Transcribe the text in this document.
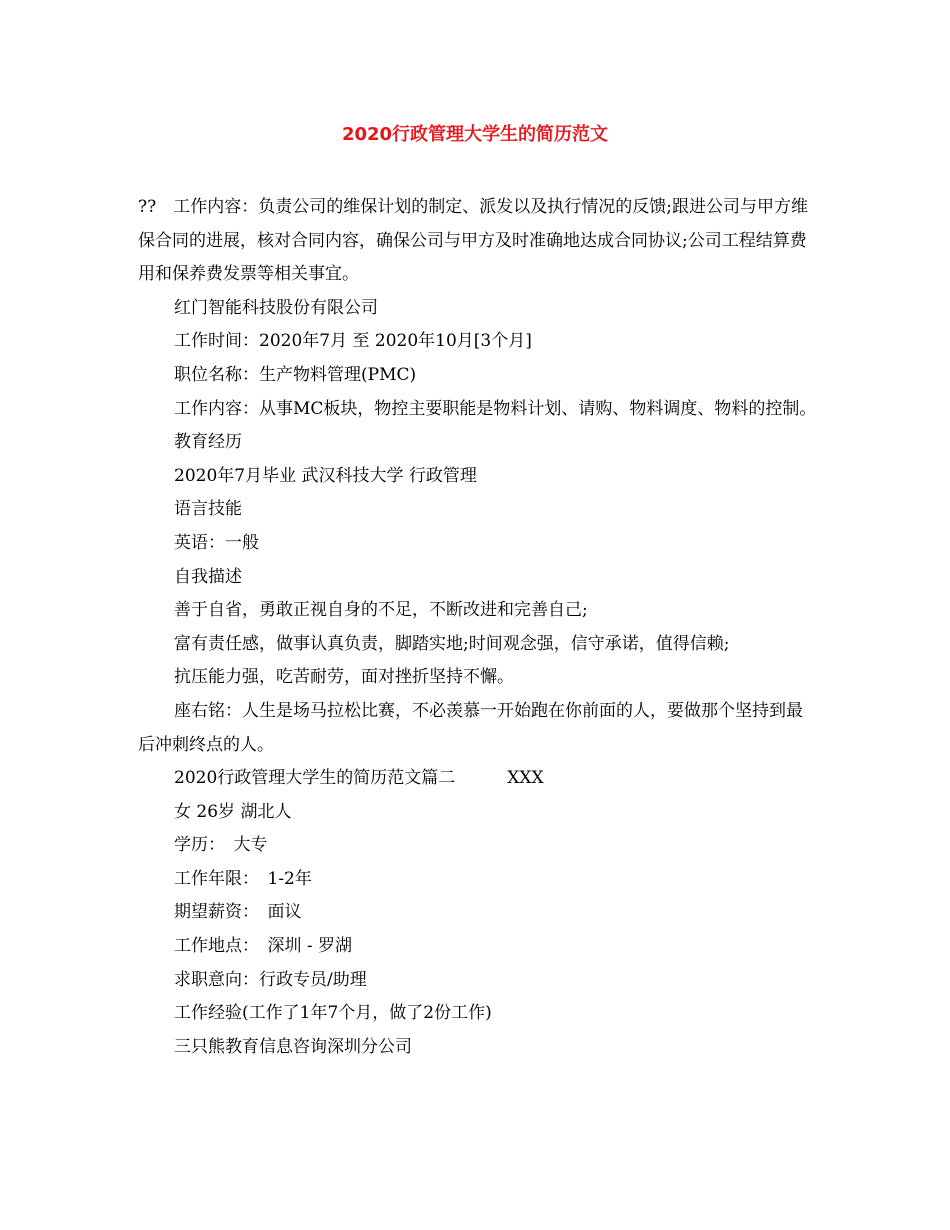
2020行政管理大学生的简历范文

??　工作内容：负责公司的维保计划的制定、派发以及执行情况的反馈;跟进公司与甲方维保合同的进展，核对合同内容，确保公司与甲方及时准确地达成合同协议;公司工程结算费用和保养费发票等相关事宜。

红门智能科技股份有限公司

工作时间：2020年7月 至 2020年10月[3个月]

职位名称：生产物料管理(PMC)

工作内容：从事MC板块，物控主要职能是物料计划、请购、物料调度、物料的控制。

教育经历

2020年7月毕业 武汉科技大学 行政管理

语言技能

英语：一般

自我描述

善于自省，勇敢正视自身的不足，不断改进和完善自己;

富有责任感，做事认真负责，脚踏实地;时间观念强，信守承诺，值得信赖;

抗压能力强，吃苦耐劳，面对挫折坚持不懈。

座右铭：人生是场马拉松比赛，不必羡慕一开始跑在你前面的人，要做那个坚持到最后冲刺终点的人。

2020行政管理大学生的简历范文篇二	XXX

女 26岁 湖北人

学历：　大专

工作年限：　1-2年

期望薪资：　面议

工作地点：　深圳 - 罗湖

求职意向：行政专员/助理

工作经验(工作了1年7个月，做了2份工作)

三只熊教育信息咨询深圳分公司
